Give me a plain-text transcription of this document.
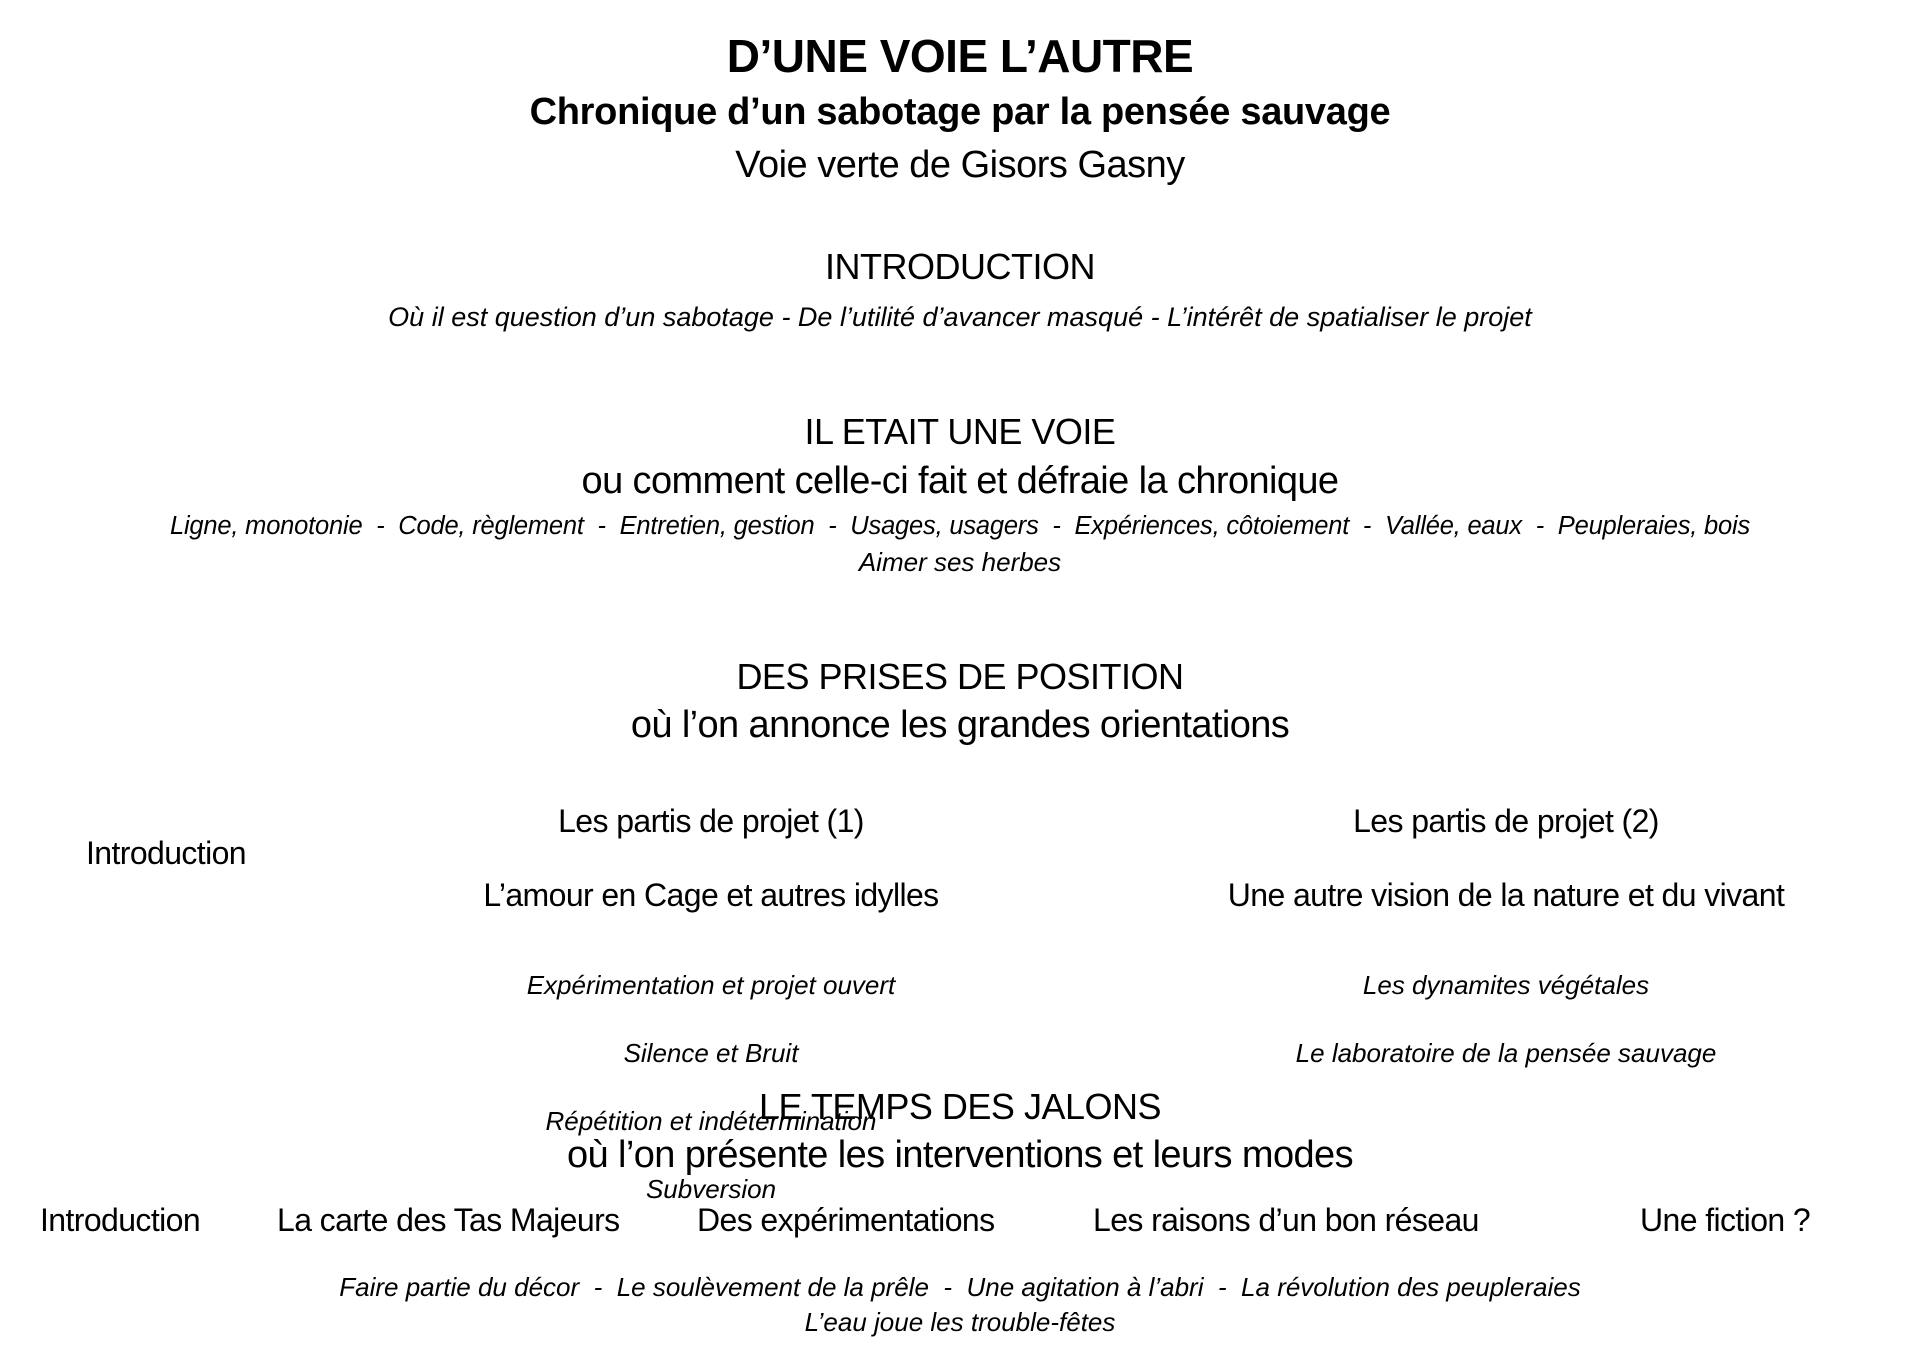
D’UNE VOIE L’AUTRE
Chronique d’un sabotage par la pensée sauvage
Voie verte de Gisors Gasny
INTRODUCTION
Où il est question d’un sabotage - De l’utilité d’avancer masqué - L’intérêt de spatialiser le projet
IL ETAIT UNE VOIE
ou comment celle-ci fait et défraie la chronique
Ligne, monotonie  -  Code, règlement  -  Entretien, gestion  -  Usages, usagers  -  Expériences, côtoiement  -  Vallée, eaux  -  Peupleraies, bois
Aimer ses herbes
DES PRISES DE POSITION
où l’on annonce les grandes orientations

Introduction

Les partis de projet (1)

L’amour en Cage et autres idylles

Expérimentation et projet ouvert

Silence et Bruit

Répétition et indétermination

Subversion

Les partis de projet (2)

Une autre vision de la nature et du vivant

Les dynamites végétales

Le laboratoire de la pensée sauvage

LE TEMPS DES JALONS
où l’on présente les interventions et leurs modes
Introduction La carte des Tas Majeurs Des expérimentations	Les raisons d’un bon réseau	Une fiction ?
Faire partie du décor  -  Le soulèvement de la prêle  -  Une agitation à l’abri  -  La révolution des peupleraies
L’eau joue les trouble-fêtes
